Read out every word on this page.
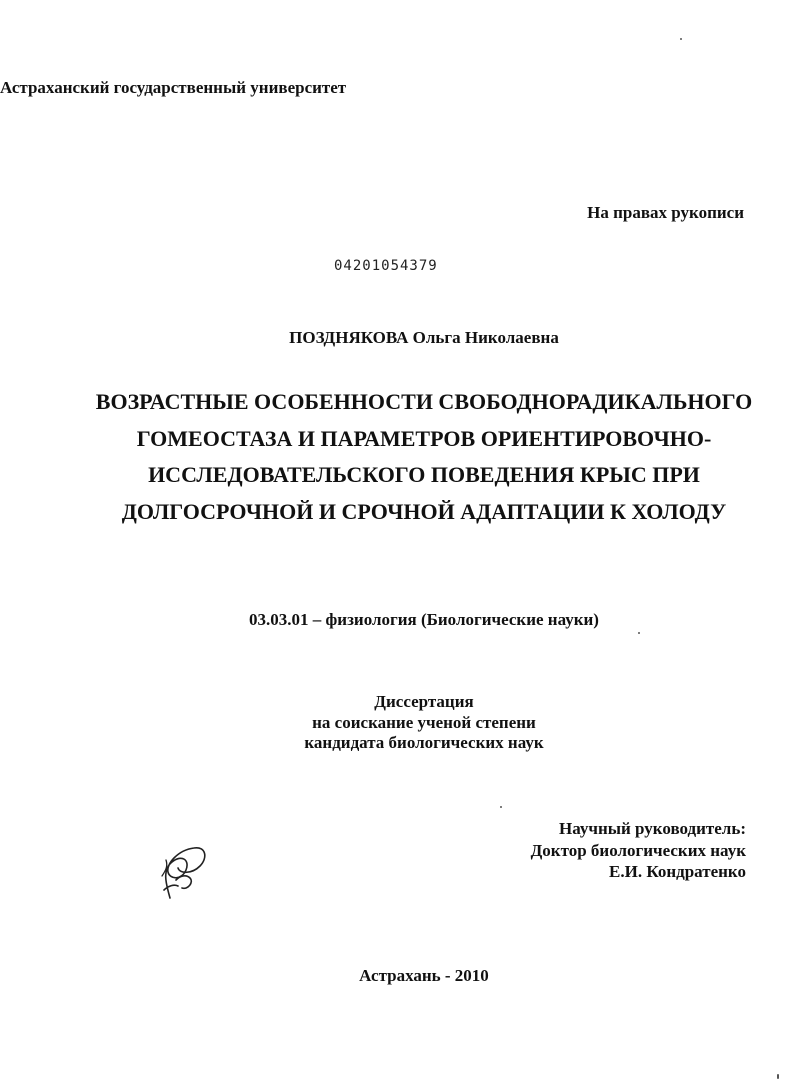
Астраханский государственный университет
На правах рукописи
04201054379
ПОЗДНЯКОВА Ольга Николаевна
ВОЗРАСТНЫЕ ОСОБЕННОСТИ СВОБОДНОРАДИКАЛЬНОГО
ГОМЕОСТАЗА И ПАРАМЕТРОВ ОРИЕНТИРОВОЧНО-
ИССЛЕДОВАТЕЛЬСКОГО ПОВЕДЕНИЯ КРЫС ПРИ
ДОЛГОСРОЧНОЙ И СРОЧНОЙ АДАПТАЦИИ К ХОЛОДУ
03.03.01 – физиология (Биологические науки)
Диссертация
на соискание ученой степени
кандидата биологических наук
Научный руководитель:
Доктор биологических наук
Е.И. Кондратенко
Астрахань - 2010
